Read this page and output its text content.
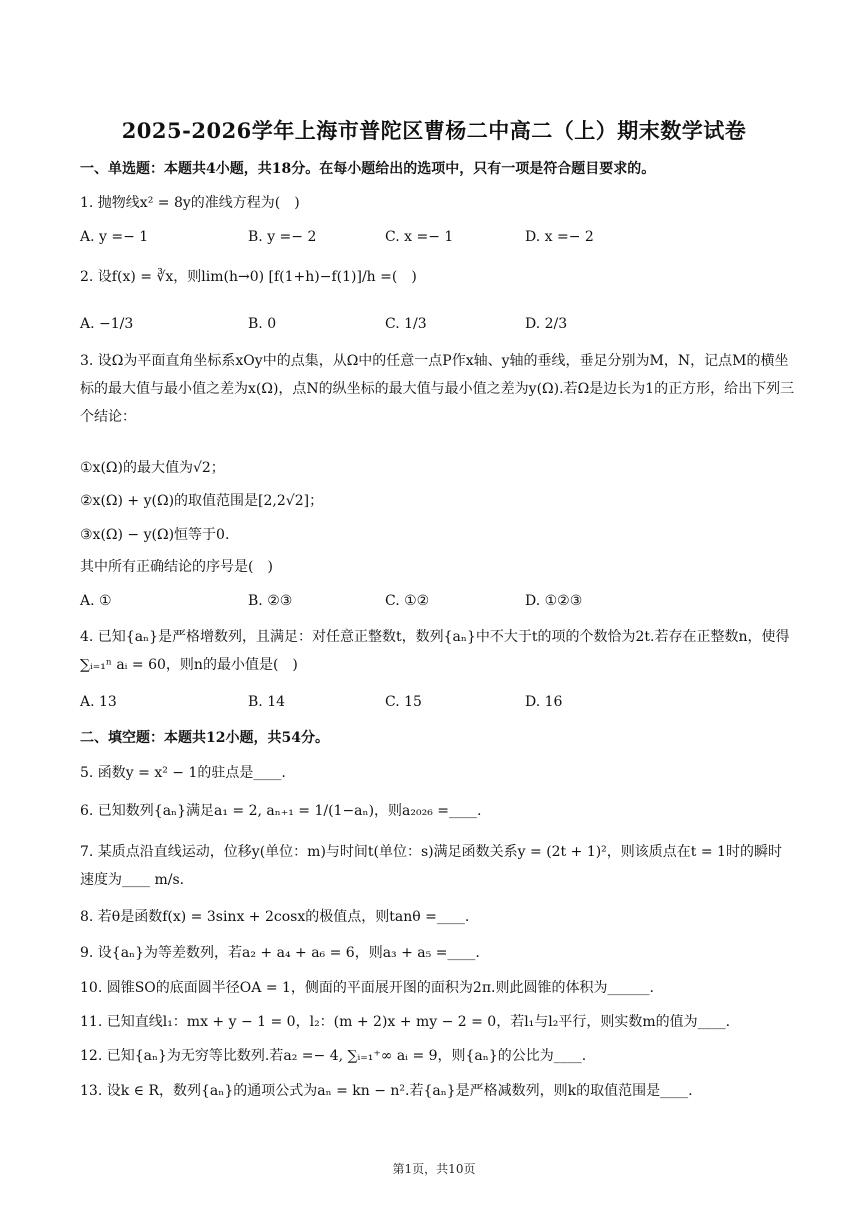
2025-2026学年上海市普陀区曹杨二中高二（上）期末数学试卷
一、单选题：本题共4小题，共18分。在每小题给出的选项中，只有一项是符合题目要求的。
1. 抛物线x² = 8y的准线方程为(　)
A. y =− 1	B. y =− 2	C. x =− 1	D. x =− 2
2. 设f(x) = ∛x，则lim(h→0) [f(1+h)−f(1)]/h =(　)
A. −1/3	B. 0	C. 1/3	D. 2/3
3. 设Ω为平面直角坐标系xOy中的点集，从Ω中的任意一点P作x轴、y轴的垂线，垂足分别为M，N，记点M的横坐标的最大值与最小值之差为x(Ω)，点N的纵坐标的最大值与最小值之差为y(Ω).若Ω是边长为1的正方形，给出下列三个结论：
①x(Ω)的最大值为√2；
②x(Ω) + y(Ω)的取值范围是[2,2√2]；
③x(Ω) − y(Ω)恒等于0.
其中所有正确结论的序号是(　)
A. ①	B. ②③	C. ①②	D. ①②③
4. 已知{aₙ}是严格增数列，且满足：对任意正整数t，数列{aₙ}中不大于t的项的个数恰为2t.若存在正整数n，使得∑ᵢ₌₁ⁿ aᵢ = 60，则n的最小值是(　)
A. 13	B. 14	C. 15	D. 16
二、填空题：本题共12小题，共54分。
5. 函数y = x² − 1的驻点是____.
6. 已知数列{aₙ}满足a₁ = 2, aₙ₊₁ = 1/(1−aₙ)，则a₂₀₂₆ =____.
7. 某质点沿直线运动，位移y(单位：m)与时间t(单位：s)满足函数关系y = (2t + 1)²，则该质点在t = 1时的瞬时速度为____ m/s.
8. 若θ是函数f(x) = 3sinx + 2cosx的极值点，则tanθ =____.
9. 设{aₙ}为等差数列，若a₂ + a₄ + a₆ = 6，则a₃ + a₅ =____.
10. 圆锥SO的底面圆半径OA = 1，侧面的平面展开图的面积为2π.则此圆锥的体积为______.
11. 已知直线l₁：mx + y − 1 = 0，l₂：(m + 2)x + my − 2 = 0，若l₁与l₂平行，则实数m的值为____.
12. 已知{aₙ}为无穷等比数列.若a₂ =− 4, ∑ᵢ₌₁⁺∞ aᵢ = 9，则{aₙ}的公比为____.
13. 设k ∈ R，数列{aₙ}的通项公式为aₙ = kn − n².若{aₙ}是严格减数列，则k的取值范围是____.
第1页，共10页
